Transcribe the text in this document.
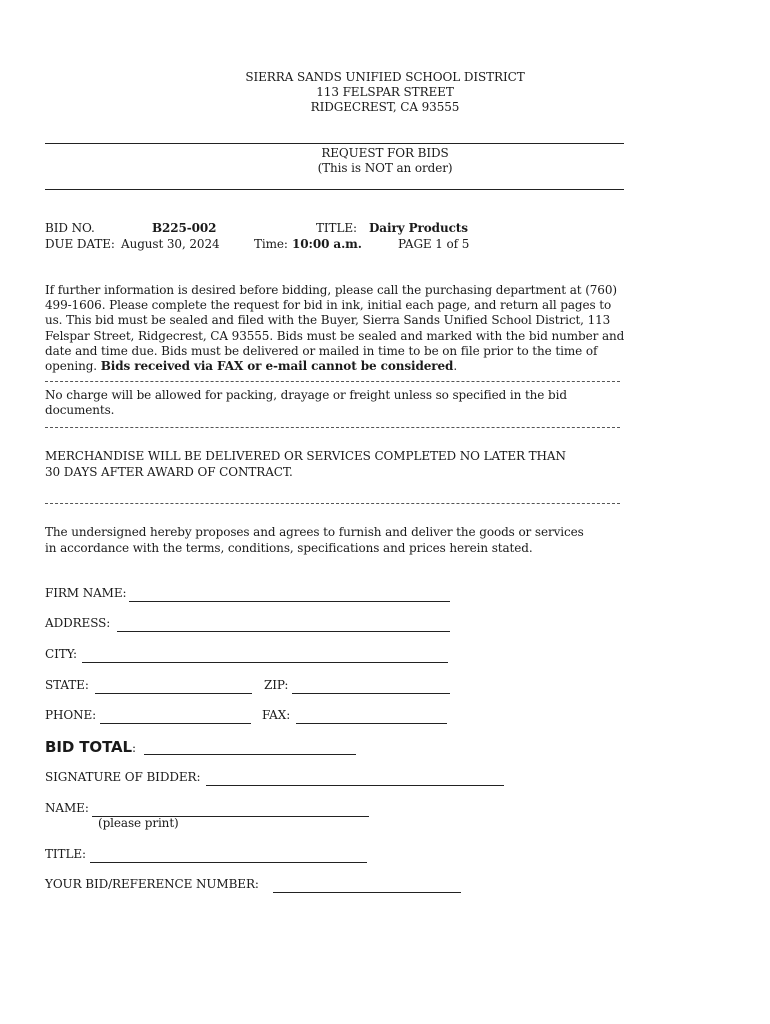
SIERRA SANDS UNIFIED SCHOOL DISTRICT
113 FELSPAR STREET
RIDGECREST, CA 93555
REQUEST FOR BIDS
(This is NOT an order)
BID NO.	B225-002	TITLE: Dairy Products
DUE DATE: August 30, 2024	Time: 10:00 a.m.	PAGE 1 of 5

If further information is desired before bidding, please call the purchasing department at (760) 499-1606. Please complete the request for bid in ink, initial each page, and return all pages to us. This bid must be sealed and filed with the Buyer, Sierra Sands Unified School District, 113 Felspar Street, Ridgecrest, CA 93555. Bids must be sealed and marked with the bid number and date and time due. Bids must be delivered or mailed in time to be on file prior to the time of opening. Bids received via FAX or e-mail cannot be considered.

No charge will be allowed for packing, drayage or freight unless so specified in the bid documents.
MERCHANDISE WILL BE DELIVERED OR SERVICES COMPLETED NO LATER THAN
30 DAYS AFTER AWARD OF CONTRACT.
The undersigned hereby proposes and agrees to furnish and deliver the goods or services
in accordance with the terms, conditions, specifications and prices herein stated.
FIRM NAME:
ADDRESS:
CITY:
STATE:	ZIP:
PHONE:	FAX:
BID TOTAL:
SIGNATURE OF BIDDER:
NAME:
(please print)
TITLE:
YOUR BID/REFERENCE NUMBER:
